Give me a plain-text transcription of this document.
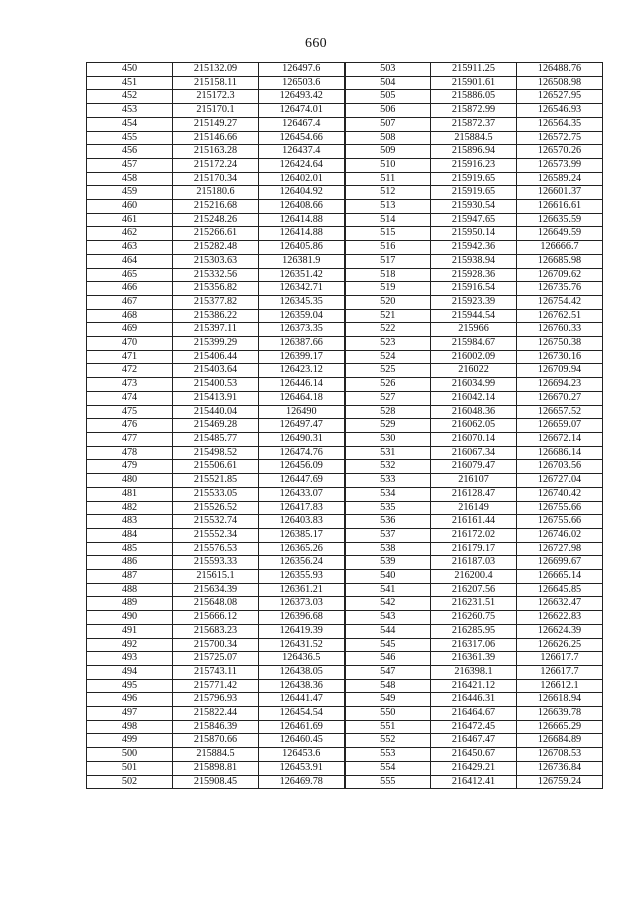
660
450	215132.09	126497.6	503	215911.25	126488.76
451	215158.11	126503.6	504	215901.61	126508.98
452	215172.3	126493.42	505	215886.05	126527.95
453	215170.1	126474.01	506	215872.99	126546.93
454	215149.27	126467.4	507	215872.37	126564.35
455	215146.66	126454.66	508	215884.5	126572.75
456	215163.28	126437.4	509	215896.94	126570.26
457	215172.24	126424.64	510	215916.23	126573.99
458	215170.34	126402.01	511	215919.65	126589.24
459	215180.6	126404.92	512	215919.65	126601.37
460	215216.68	126408.66	513	215930.54	126616.61
461	215248.26	126414.88	514	215947.65	126635.59
462	215266.61	126414.88	515	215950.14	126649.59
463	215282.48	126405.86	516	215942.36	126666.7
464	215303.63	126381.9	517	215938.94	126685.98
465	215332.56	126351.42	518	215928.36	126709.62
466	215356.82	126342.71	519	215916.54	126735.76
467	215377.82	126345.35	520	215923.39	126754.42
468	215386.22	126359.04	521	215944.54	126762.51
469	215397.11	126373.35	522	215966	126760.33
470	215399.29	126387.66	523	215984.67	126750.38
471	215406.44	126399.17	524	216002.09	126730.16
472	215403.64	126423.12	525	216022	126709.94
473	215400.53	126446.14	526	216034.99	126694.23
474	215413.91	126464.18	527	216042.14	126670.27
475	215440.04	126490	528	216048.36	126657.52
476	215469.28	126497.47	529	216062.05	126659.07
477	215485.77	126490.31	530	216070.14	126672.14
478	215498.52	126474.76	531	216067.34	126686.14
479	215506.61	126456.09	532	216079.47	126703.56
480	215521.85	126447.69	533	216107	126727.04
481	215533.05	126433.07	534	216128.47	126740.42
482	215526.52	126417.83	535	216149	126755.66
483	215532.74	126403.83	536	216161.44	126755.66
484	215552.34	126385.17	537	216172.02	126746.02
485	215576.53	126365.26	538	216179.17	126727.98
486	215593.33	126356.24	539	216187.03	126699.67
487	215615.1	126355.93	540	216200.4	126665.14
488	215634.39	126361.21	541	216207.56	126645.85
489	215648.08	126373.03	542	216231.51	126632.47
490	215666.12	126396.68	543	216260.75	126622.83
491	215683.23	126419.39	544	216285.95	126624.39
492	215700.34	126431.52	545	216317.06	126626.25
493	215725.07	126436.5	546	216361.39	126617.7
494	215743.11	126438.05	547	216398.1	126617.7
495	215771.42	126438.36	548	216421.12	126612.1
496	215796.93	126441.47	549	216446.31	126618.94
497	215822.44	126454.54	550	216464.67	126639.78
498	215846.39	126461.69	551	216472.45	126665.29
499	215870.66	126460.45	552	216467.47	126684.89
500	215884.5	126453.6	553	216450.67	126708.53
501	215898.81	126453.91	554	216429.21	126736.84
502	215908.45	126469.78	555	216412.41	126759.24
